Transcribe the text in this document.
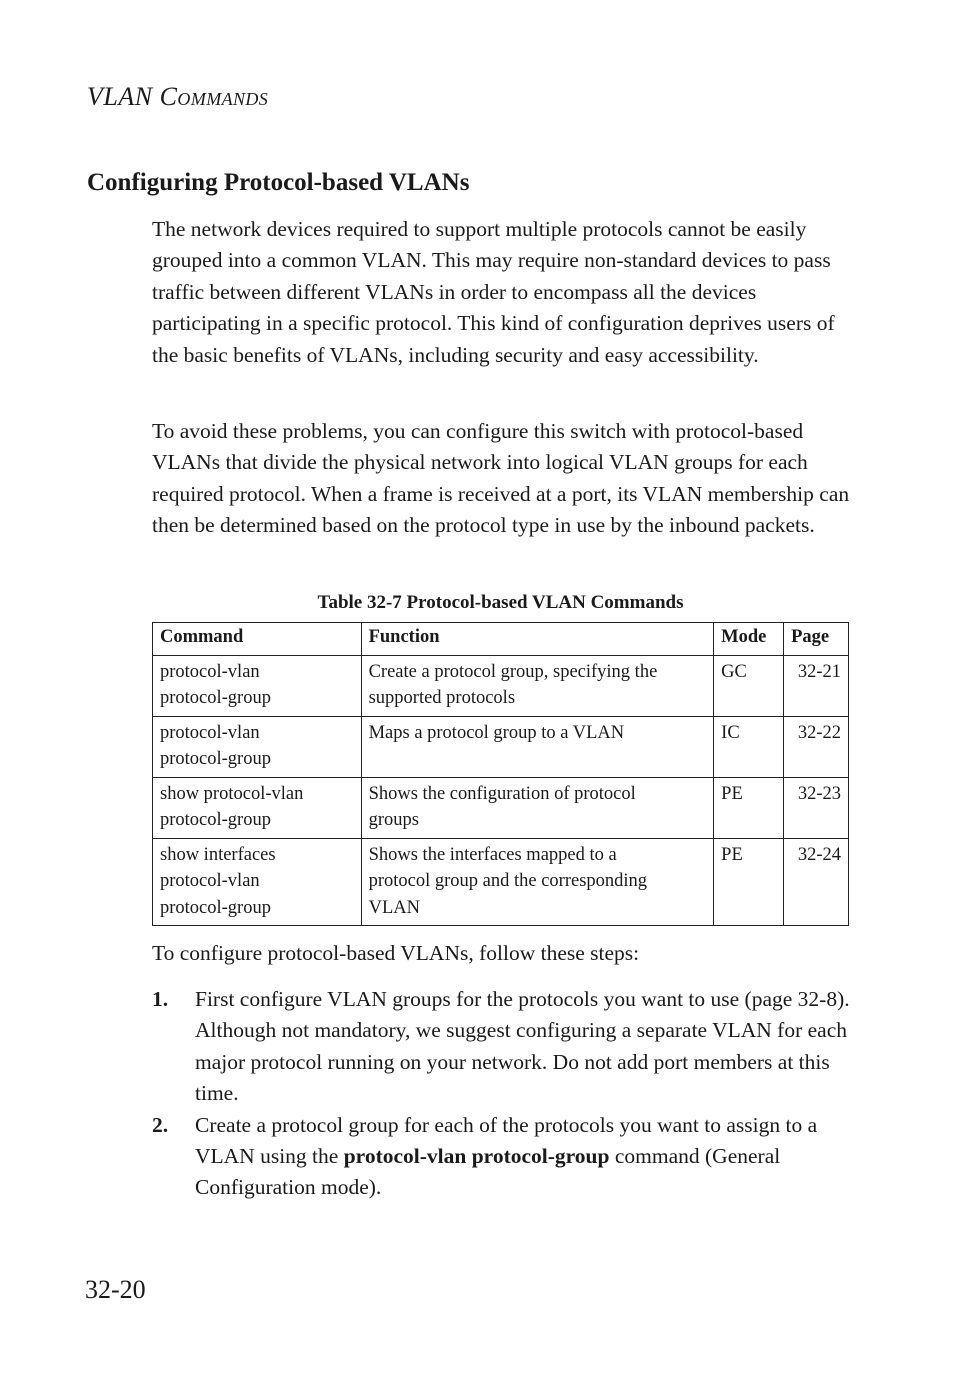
VLAN COMMANDS
Configuring Protocol-based VLANs

The network devices required to support multiple protocols cannot be easily grouped into a common VLAN. This may require non-standard devices to pass traffic between different VLANs in order to encompass all the devices participating in a specific protocol. This kind of configuration deprives users of the basic benefits of VLANs, including security and easy accessibility.

To avoid these problems, you can configure this switch with protocol-based VLANs that divide the physical network into logical VLAN groups for each required protocol. When a frame is received at a port, its VLAN membership can then be determined based on the protocol type in use by the inbound packets.

Table 32-7 Protocol-based VLAN Commands
Command	Function	Mode	Page

protocol-vlan
protocol-group	Create a protocol group, specifying the
supported protocols	GC	32-21

protocol-vlan
protocol-group	Maps a protocol group to a VLAN	IC	32-22

show protocol-vlan
protocol-group	Shows the configuration of protocol
groups	PE	32-23

show interfaces
protocol-vlan
protocol-group	Shows the interfaces mapped to a
protocol group and the corresponding
VLAN	PE	32-24

To configure protocol-based VLANs, follow these steps:

1. First configure VLAN groups for the protocols you want to use (page 32-8). Although not mandatory, we suggest configuring a separate VLAN for each major protocol running on your network. Do not add port members at this time.
2. Create a protocol group for each of the protocols you want to assign to a VLAN using the protocol-vlan protocol-group command (General Configuration mode).
32-20
